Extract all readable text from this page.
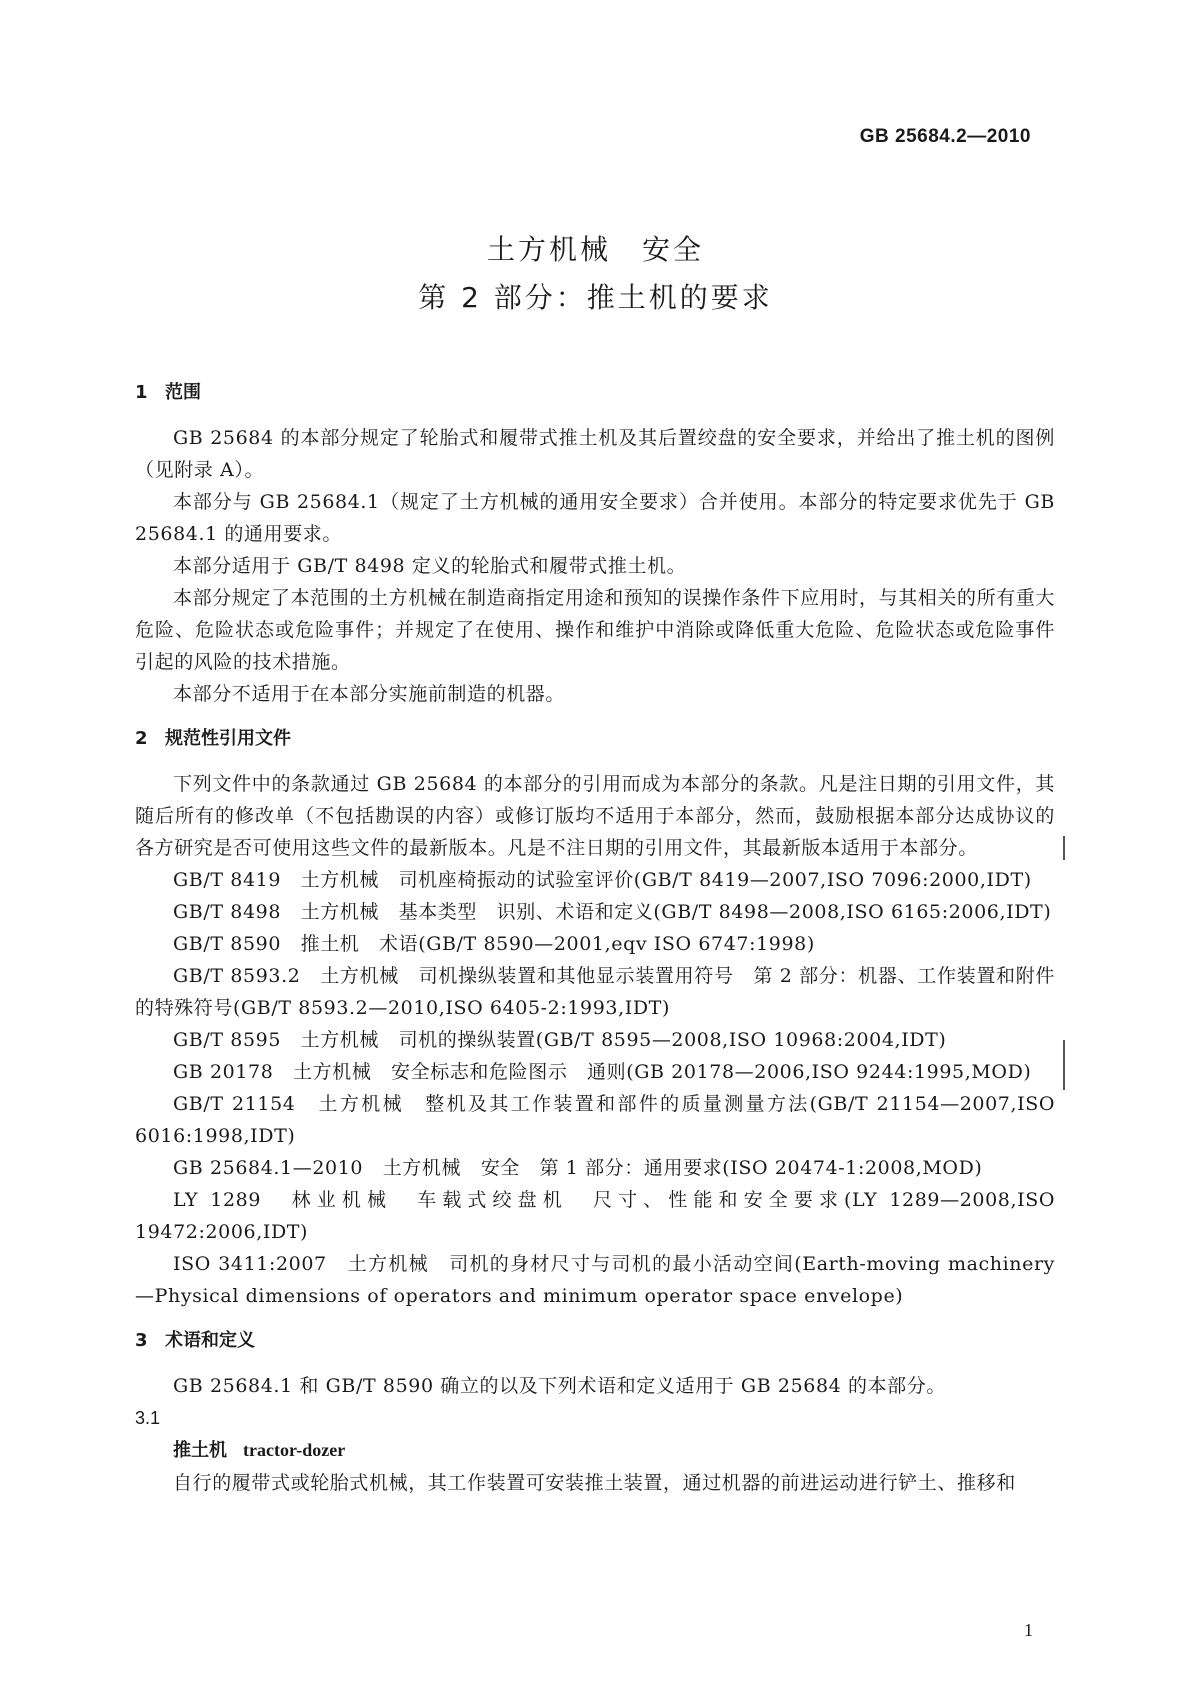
GB 25684.2—2010
土方机械　安全
第 2 部分：推土机的要求
1 范围
GB 25684 的本部分规定了轮胎式和履带式推土机及其后置绞盘的安全要求，并给出了推土机的图例（见附录 A）。
本部分与 GB 25684.1（规定了土方机械的通用安全要求）合并使用。本部分的特定要求优先于 GB 25684.1 的通用要求。
本部分适用于 GB/T 8498 定义的轮胎式和履带式推土机。
本部分规定了本范围的土方机械在制造商指定用途和预知的误操作条件下应用时，与其相关的所有重大危险、危险状态或危险事件；并规定了在使用、操作和维护中消除或降低重大危险、危险状态或危险事件引起的风险的技术措施。
本部分不适用于在本部分实施前制造的机器。
2 规范性引用文件
下列文件中的条款通过 GB 25684 的本部分的引用而成为本部分的条款。凡是注日期的引用文件，其随后所有的修改单（不包括勘误的内容）或修订版均不适用于本部分，然而，鼓励根据本部分达成协议的各方研究是否可使用这些文件的最新版本。凡是不注日期的引用文件，其最新版本适用于本部分。
GB/T 8419　土方机械　司机座椅振动的试验室评价(GB/T 8419—2007,ISO 7096:2000,IDT)
GB/T 8498　土方机械　基本类型　识别、术语和定义(GB/T 8498—2008,ISO 6165:2006,IDT)
GB/T 8590　推土机　术语(GB/T 8590—2001,eqv ISO 6747:1998)
GB/T 8593.2　土方机械　司机操纵装置和其他显示装置用符号　第 2 部分：机器、工作装置和附件的特殊符号(GB/T 8593.2—2010,ISO 6405-2:1993,IDT)
GB/T 8595　土方机械　司机的操纵装置(GB/T 8595—2008,ISO 10968:2004,IDT)
GB 20178　土方机械　安全标志和危险图示　通则(GB 20178—2006,ISO 9244:1995,MOD)
GB/T 21154　土方机械　整机及其工作装置和部件的质量测量方法(GB/T 21154—2007,ISO 6016:1998,IDT)
GB 25684.1—2010　土方机械　安全　第 1 部分：通用要求(ISO 20474-1:2008,MOD)
LY 1289　林业机械　车载式绞盘机　尺寸、性能和安全要求(LY 1289—2008,ISO 19472:2006,IDT)
ISO 3411:2007　土方机械　司机的身材尺寸与司机的最小活动空间(Earth-moving machinery—Physical dimensions of operators and minimum operator space envelope)
3 术语和定义
GB 25684.1 和 GB/T 8590 确立的以及下列术语和定义适用于 GB 25684 的本部分。
3.1
推土机 tractor-dozer
自行的履带式或轮胎式机械，其工作装置可安装推土装置，通过机器的前进运动进行铲土、推移和
1
